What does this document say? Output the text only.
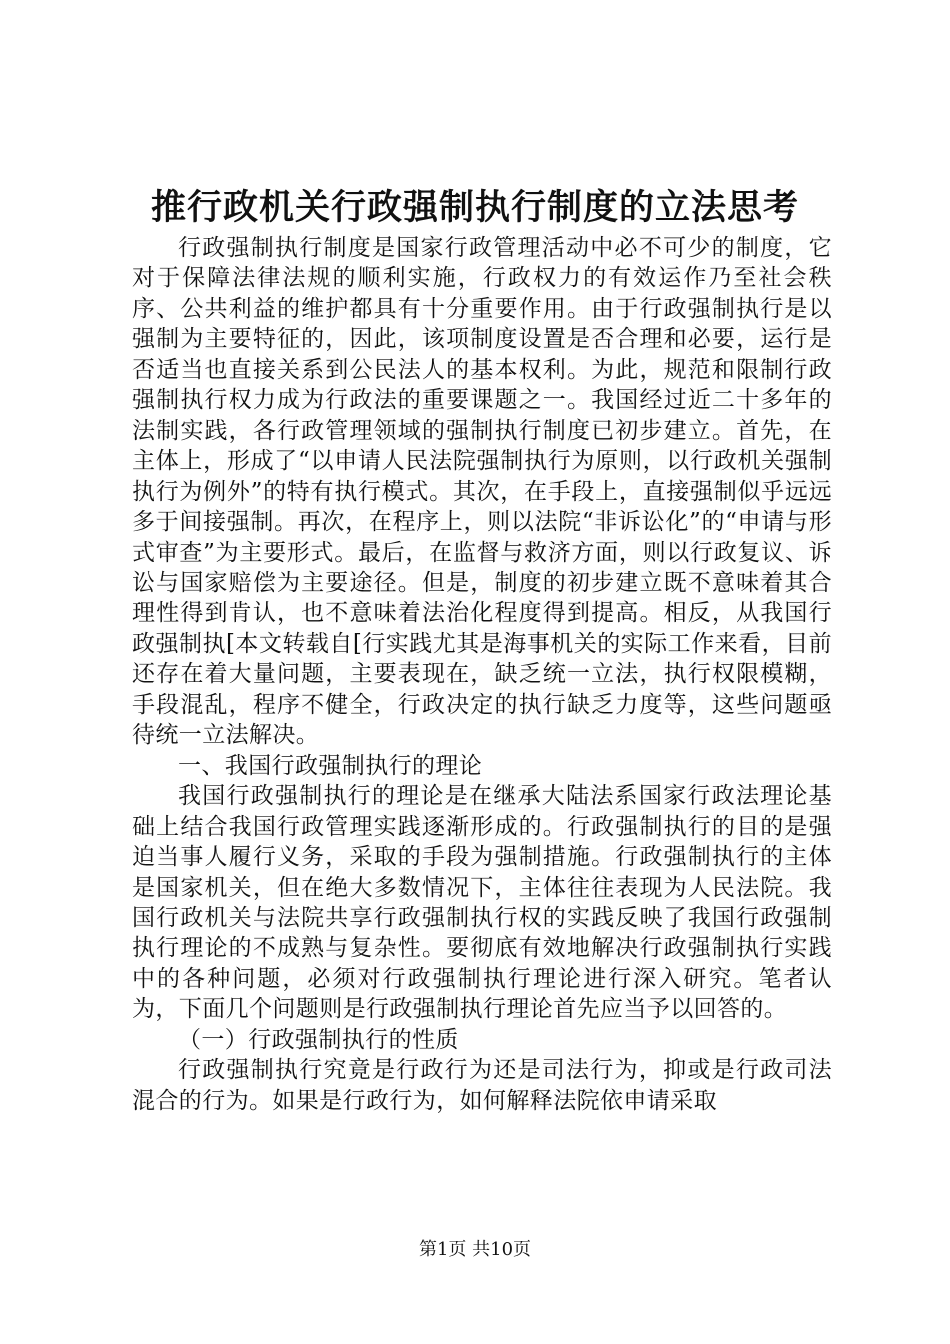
推行政机关行政强制执行制度的立法思考

行政强制执行制度是国家行政管理活动中必不可少的制度，它对于保障法律法规的顺利实施，行政权力的有效运作乃至社会秩序、公共利益的维护都具有十分重要作用。由于行政强制执行是以强制为主要特征的，因此，该项制度设置是否合理和必要，运行是否适当也直接关系到公民法人的基本权利。为此，规范和限制行政强制执行权力成为行政法的重要课题之一。我国经过近二十多年的法制实践，各行政管理领域的强制执行制度已初步建立。首先，在主体上，形成了“以申请人民法院强制执行为原则，以行政机关强制执行为例外”的特有执行模式。其次，在手段上，直接强制似乎远远多于间接强制。再次，在程序上，则以法院“非诉讼化”的“申请与形式审查”为主要形式。最后，在监督与救济方面，则以行政复议、诉讼与国家赔偿为主要途径。但是，制度的初步建立既不意味着其合理性得到肯认，也不意味着法治化程度得到提高。相反，从我国行政强制执[本文转载自[行实践尤其是海事机关的实际工作来看，目前还存在着大量问题，主要表现在，缺乏统一立法，执行权限模糊，手段混乱，程序不健全，行政决定的执行缺乏力度等，这些问题亟待统一立法解决。

一、我国行政强制执行的理论

我国行政强制执行的理论是在继承大陆法系国家行政法理论基础上结合我国行政管理实践逐渐形成的。行政强制执行的目的是强迫当事人履行义务，采取的手段为强制措施。行政强制执行的主体是国家机关，但在绝大多数情况下，主体往往表现为人民法院。我国行政机关与法院共享行政强制执行权的实践反映了我国行政强制执行理论的不成熟与复杂性。要彻底有效地解决行政强制执行实践中的各种问题，必须对行政强制执行理论进行深入研究。笔者认为，下面几个问题则是行政强制执行理论首先应当予以回答的。

（一）行政强制执行的性质

行政强制执行究竟是行政行为还是司法行为，抑或是行政司法混合的行为。如果是行政行为，如何解释法院依申请采取

第1页 共10页
